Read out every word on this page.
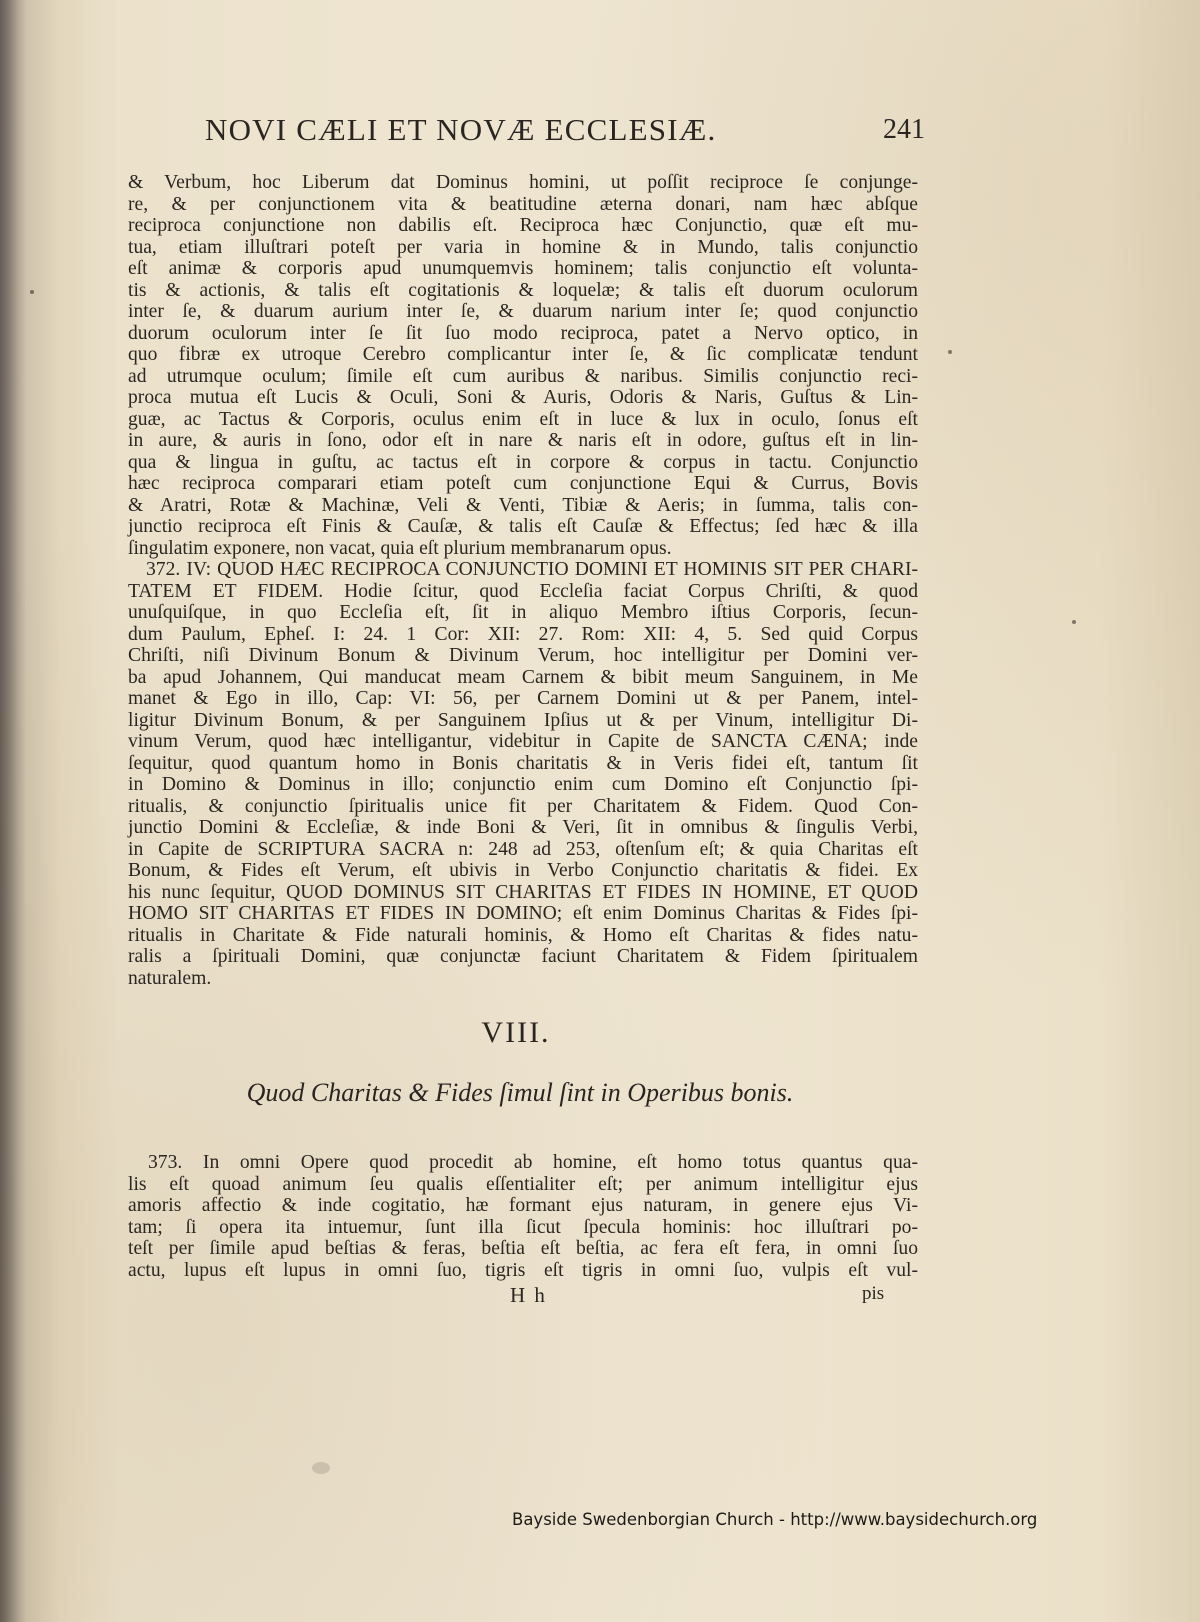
NOVI CÆLI ET NOVÆ ECCLESIÆ.	241
& Verbum, hoc Liberum dat Dominus homini, ut poſſit reciproce ſe conjunge-
re, & per conjunctionem vita & beatitudine æterna donari, nam hæc abſque
reciproca conjunctione non dabilis eſt. Reciproca hæc Conjunctio, quæ eſt mu-
tua, etiam illuſtrari poteſt per varia in homine & in Mundo, talis conjunctio
eſt animæ & corporis apud unumquemvis hominem; talis conjunctio eſt volunta-
tis & actionis, & talis eſt cogitationis & loquelæ; & talis eſt duorum oculorum
inter ſe, & duarum aurium inter ſe, & duarum narium inter ſe; quod conjunctio
duorum oculorum inter ſe ſit ſuo modo reciproca, patet a Nervo optico, in
quo fibræ ex utroque Cerebro complicantur inter ſe, & ſic complicatæ tendunt
ad utrumque oculum; ſimile eſt cum auribus & naribus. Similis conjunctio reci-
proca mutua eſt Lucis & Oculi, Soni & Auris, Odoris & Naris, Guſtus & Lin-
guæ, ac Tactus & Corporis, oculus enim eſt in luce & lux in oculo, ſonus eſt
in aure, & auris in ſono, odor eſt in nare & naris eſt in odore, guſtus eſt in lin-
qua & lingua in guſtu, ac tactus eſt in corpore & corpus in tactu. Conjunctio
hæc reciproca comparari etiam poteſt cum conjunctione Equi & Currus, Bovis
& Aratri, Rotæ & Machinæ, Veli & Venti, Tibiæ & Aeris; in ſumma, talis con-
junctio reciproca eſt Finis & Cauſæ, & talis eſt Cauſæ & Effectus; ſed hæc & illa
ſingulatim exponere, non vacat, quia eſt plurium membranarum opus.
372. IV: QUOD HÆC RECIPROCA CONJUNCTIO DOMINI ET HOMINIS SIT PER CHARI-
TATEM ET FIDEM. Hodie ſcitur, quod Eccleſia faciat Corpus Chriſti, & quod
unuſquiſque, in quo Eccleſia eſt, ſit in aliquo Membro iſtius Corporis, ſecun-
dum Paulum, Epheſ. I: 24. 1 Cor: XII: 27. Rom: XII: 4, 5. Sed quid Corpus
Chriſti, niſi Divinum Bonum & Divinum Verum, hoc intelligitur per Domini ver-
ba apud Johannem, Qui manducat meam Carnem & bibit meum Sanguinem, in Me
manet & Ego in illo, Cap: VI: 56, per Carnem Domini ut & per Panem, intel-
ligitur Divinum Bonum, & per Sanguinem Ipſius ut & per Vinum, intelligitur Di-
vinum Verum, quod hæc intelligantur, videbitur in Capite de SANCTA CÆNA; inde
ſequitur, quod quantum homo in Bonis charitatis & in Veris fidei eſt, tantum ſit
in Domino & Dominus in illo; conjunctio enim cum Domino eſt Conjunctio ſpi-
ritualis, & conjunctio ſpiritualis unice fit per Charitatem & Fidem. Quod Con-
junctio Domini & Eccleſiæ, & inde Boni & Veri, ſit in omnibus & ſingulis Verbi,
in Capite de SCRIPTURA SACRA n: 248 ad 253, oſtenſum eſt; & quia Charitas eſt
Bonum, & Fides eſt Verum, eſt ubivis in Verbo Conjunctio charitatis & fidei. Ex
his nunc ſequitur, QUOD DOMINUS SIT CHARITAS ET FIDES IN HOMINE, ET QUOD
HOMO SIT CHARITAS ET FIDES IN DOMINO; eſt enim Dominus Charitas & Fides ſpi-
ritualis in Charitate & Fide naturali hominis, & Homo eſt Charitas & fides natu-
ralis a ſpirituali Domini, quæ conjunctæ faciunt Charitatem & Fidem ſpiritualem
naturalem.
VIII.
Quod Charitas & Fides ſimul ſint in Operibus bonis.
373. In omni Opere quod procedit ab homine, eſt homo totus quantus qua-
lis eſt quoad animum ſeu qualis eſſentialiter eſt; per animum intelligitur ejus
amoris affectio & inde cogitatio, hæ formant ejus naturam, in genere ejus Vi-
tam; ſi opera ita intuemur, ſunt illa ſicut ſpecula hominis: hoc illuſtrari po-
teſt per ſimile apud beſtias & feras, beſtia eſt beſtia, ac fera eſt fera, in omni ſuo
actu, lupus eſt lupus in omni ſuo, tigris eſt tigris in omni ſuo, vulpis eſt vul-
H h	pis
Bayside Swedenborgian Church - http://www.baysidechurch.org
